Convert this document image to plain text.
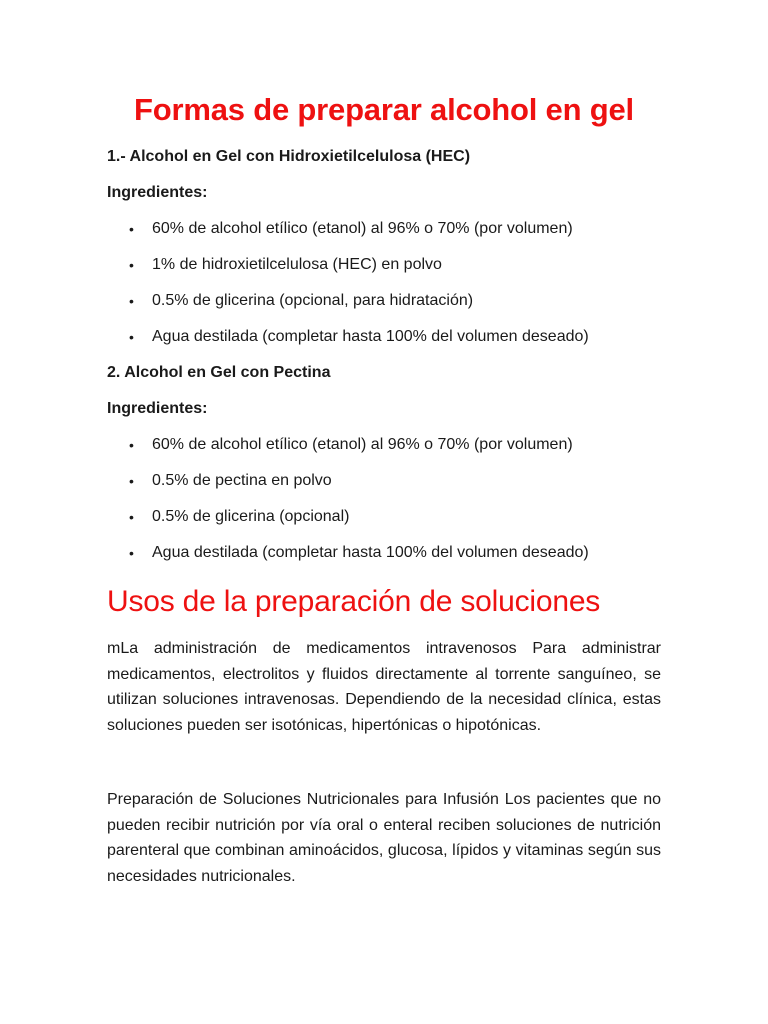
Formas de preparar alcohol en gel
1.- Alcohol en Gel con Hidroxietilcelulosa (HEC)

Ingredientes:

• 60% de alcohol etílico (etanol) al 96% o 70% (por volumen)
• 1% de hidroxietilcelulosa (HEC) en polvo
• 0.5% de glicerina (opcional, para hidratación)
• Agua destilada (completar hasta 100% del volumen deseado)
2. Alcohol en Gel con Pectina

Ingredientes:

• 60% de alcohol etílico (etanol) al 96% o 70% (por volumen)
• 0.5% de pectina en polvo
• 0.5% de glicerina (opcional)
• Agua destilada (completar hasta 100% del volumen deseado)
Usos de la preparación de soluciones

mLa administración de medicamentos intravenosos Para administrar medicamentos, electrolitos y fluidos directamente al torrente sanguíneo, se utilizan soluciones intravenosas. Dependiendo de la necesidad clínica, estas soluciones pueden ser isotónicas, hipertónicas o hipotónicas.

Preparación de Soluciones Nutricionales para Infusión Los pacientes que no pueden recibir nutrición por vía oral o enteral reciben soluciones de nutrición parenteral que combinan aminoácidos, glucosa, lípidos y vitaminas según sus necesidades nutricionales.
